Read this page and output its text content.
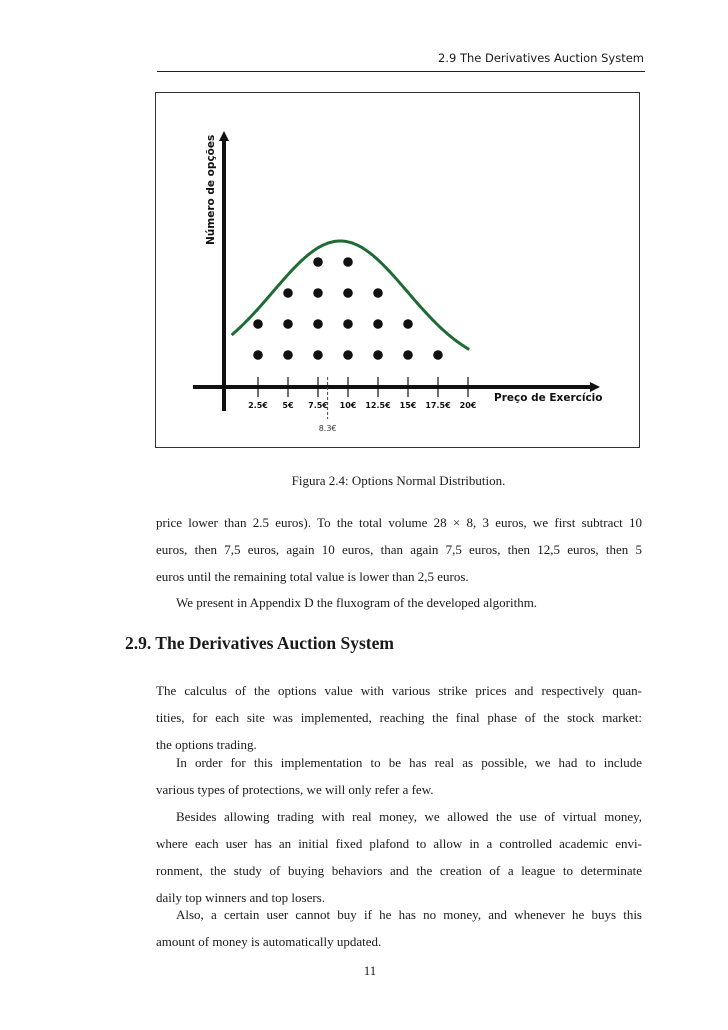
2.9 The Derivatives Auction System
Número de opções
Preço de Exercício
2.5€ 5€ 7.5€ 10€ 12.5€ 15€ 17.5€ 20€
8.3€
Figura 2.4: Options Normal Distribution.
price lower than 2.5 euros). To the total volume 28 × 8, 3 euros, we first subtract 10
euros, then 7,5 euros, again 10 euros, than again 7,5 euros, then 12,5 euros, then 5
euros until the remaining total value is lower than 2,5 euros.
We present in Appendix D the fluxogram of the developed algorithm.
2.9. The Derivatives Auction System
The calculus of the options value with various strike prices and respectively quan-
tities, for each site was implemented, reaching the final phase of the stock market:
the options trading.
In order for this implementation to be has real as possible, we had to include
various types of protections, we will only refer a few.
Besides allowing trading with real money, we allowed the use of virtual money,
where each user has an initial fixed plafond to allow in a controlled academic envi-
ronment, the study of buying behaviors and the creation of a league to determinate
daily top winners and top losers.
Also, a certain user cannot buy if he has no money, and whenever he buys this
amount of money is automatically updated.
11
